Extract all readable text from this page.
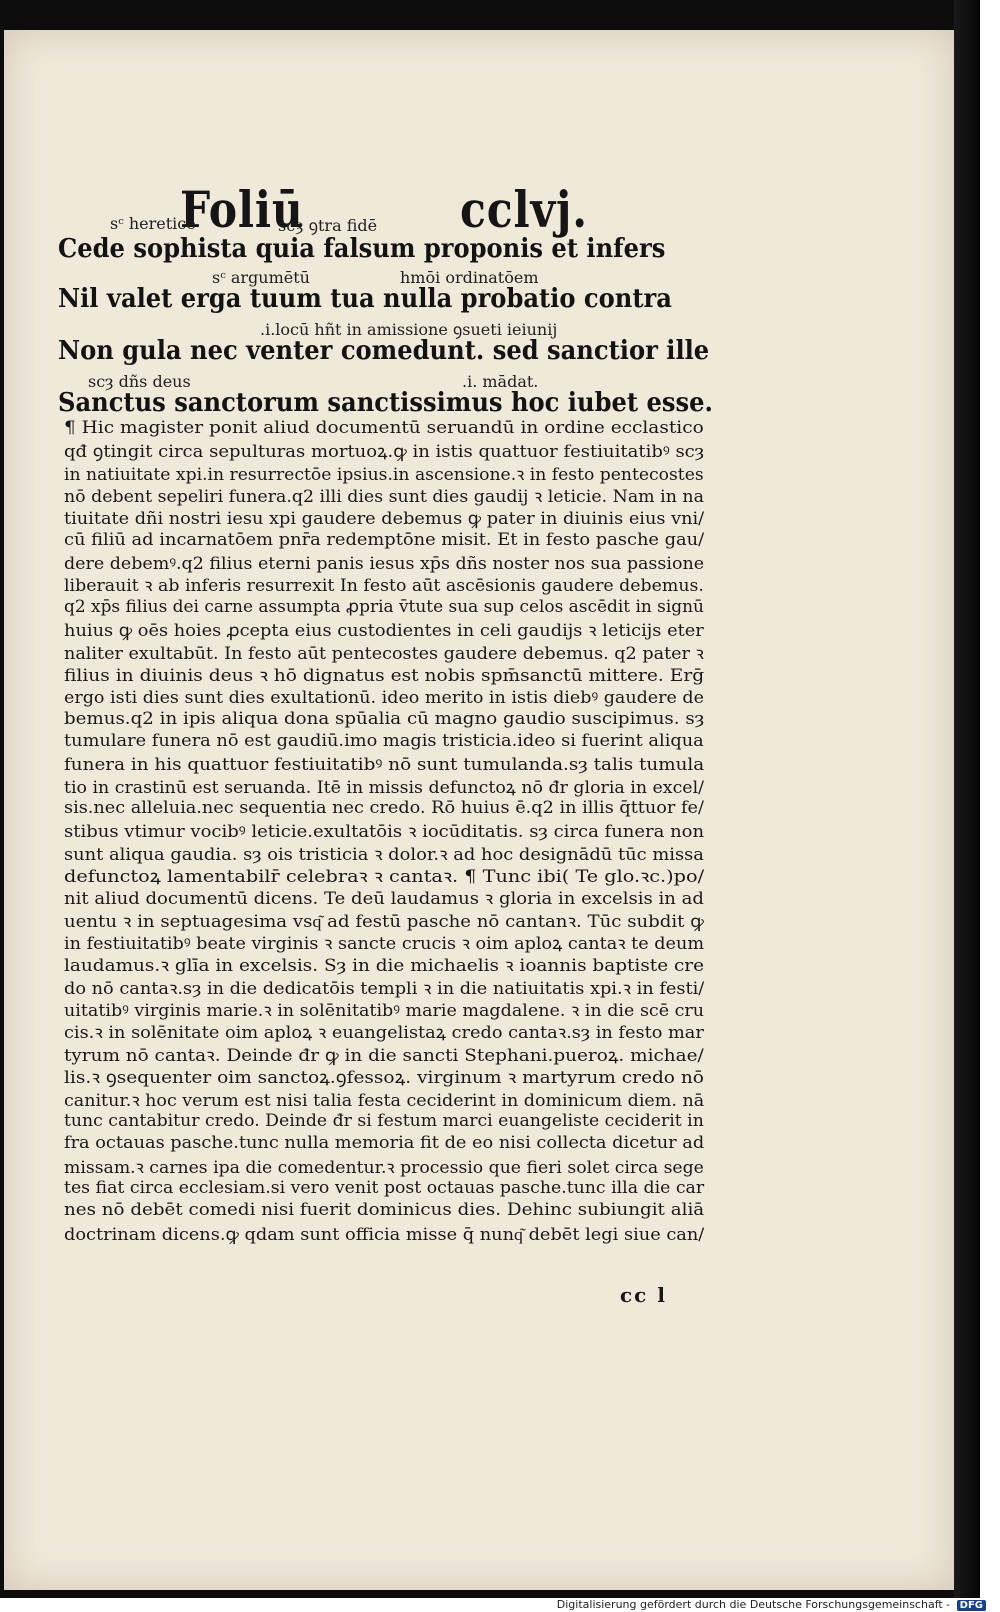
Foliū	cclvj.
sᶜ heretice	scȝ ꝯtra fidē
sᶜ argumētū	hmōi ordinatōem
.i.locū hñt in amissione ꝯsueti ieiunij
scȝ dñs deus	.i. mādat.
Cede sophista quia falsum proponis et infers
Nil valet erga tuum tua nulla probatio contra
Non gula nec venter comedunt. sed sanctior ille
Sanctus sanctorum sanctissimus hoc iubet esse.
¶ Hic magister ponit aliud documentū seruandū in ordine ecclastico
qđ ꝯtingit circa sepulturas mortuoꝝ.ꝙ in istis quattuor festiuitatibꝰ scȝ
in natiuitate xpi.in resurrectōe ipsius.in ascensione.ꝛ in festo pentecostes
nō debent sepeliri funera.q2 illi dies sunt dies gaudij ꝛ leticie. Nam in na
tiuitate dñi nostri iesu xpi gaudere debemus ꝙ pater in diuinis eius vni/
cū filiū ad incarnatōem pnr̄a redemptōne misit. Et in festo pasche gau/
dere debemꝰ.q2 filius eterni panis iesus xp̄s dñs noster nos sua passione
liberauit ꝛ ab inferis resurrexit In festo aūt ascēsionis gaudere debemus.
q2 xp̄s filius dei carne assumpta ꝓpria v̄tute sua sup celos ascēdit in signū
huius ꝙ oēs hoies ꝓcepta eius custodientes in celi gaudijs ꝛ leticijs eter
naliter exultabūt. In festo aūt pentecostes gaudere debemus. q2 pater ꝛ
filius in diuinis deus ꝛ hō dignatus est nobis spm̄sanctū mittere. Erḡ
ergo isti dies sunt dies exultationū. ideo merito in istis diebꝰ gaudere de
bemus.q2 in ipis aliqua dona spūalia cū magno gaudio suscipimus. sȝ
tumulare funera nō est gaudiū.imo magis tristicia.ideo si fuerint aliqua
funera in his quattuor festiuitatibꝰ nō sunt tumulanda.sȝ talis tumula
tio in crastinū est seruanda. Itē in missis defunctoꝝ nō đr gloria in excel/
sis.nec alleluia.nec sequentia nec credo. Rō huius ē.q2 in illis q̄ttuor fe/
stibus vtimur vocibꝰ leticie.exultatōis ꝛ iocūditatis. sȝ circa funera non
sunt aliqua gaudia. sȝ ois tristicia ꝛ dolor.ꝛ ad hoc designādū tūc missa
defunctoꝝ lamentabilr̄ celebraꝛ ꝛ cantaꝛ. ¶ Tunc ibi( Te glo.ꝛc.)po/
nit aliud documentū dicens. Te deū laudamus ꝛ gloria in excelsis in ad
uentu ꝛ in septuagesima vsq͂ ad festū pasche nō cantanꝛ. Tūc subdit ꝙ
in festiuitatibꝰ beate virginis ꝛ sancte crucis ꝛ oim aploꝝ cantaꝛ te deum
laudamus.ꝛ glīa in excelsis. Sȝ in die michaelis ꝛ ioannis baptiste cre
do nō cantaꝛ.sȝ in die dedicatōis templi ꝛ in die natiuitatis xpi.ꝛ in festi/
uitatibꝰ virginis marie.ꝛ in solēnitatibꝰ marie magdalene. ꝛ in die scē cru
cis.ꝛ in solēnitate oim aploꝝ ꝛ euangelistaꝝ credo cantaꝛ.sȝ in festo mar
tyrum nō cantaꝛ. Deinde đr ꝙ in die sancti Stephani.pueroꝝ. michae/
lis.ꝛ ꝯsequenter oim sanctoꝝ.ꝯfessoꝝ. virginum ꝛ martyrum credo nō
canitur.ꝛ hoc verum est nisi talia festa ceciderint in dominicum diem. nā
tunc cantabitur credo. Deinde đr si festum marci euangeliste ceciderit in
fra octauas pasche.tunc nulla memoria fit de eo nisi collecta dicetur ad
missam.ꝛ carnes ipa die comedentur.ꝛ processio que fieri solet circa sege
tes fiat circa ecclesiam.si vero venit post octauas pasche.tunc illa die car
nes nō debēt comedi nisi fuerit dominicus dies. Dehinc subiungit aliā
doctrinam dicens.ꝙ qdam sunt officia misse q̄ nunq͂ debēt legi siue can/
cc l
Digitalisierung gefördert durch die Deutsche Forschungsgemeinschaft - DFG
